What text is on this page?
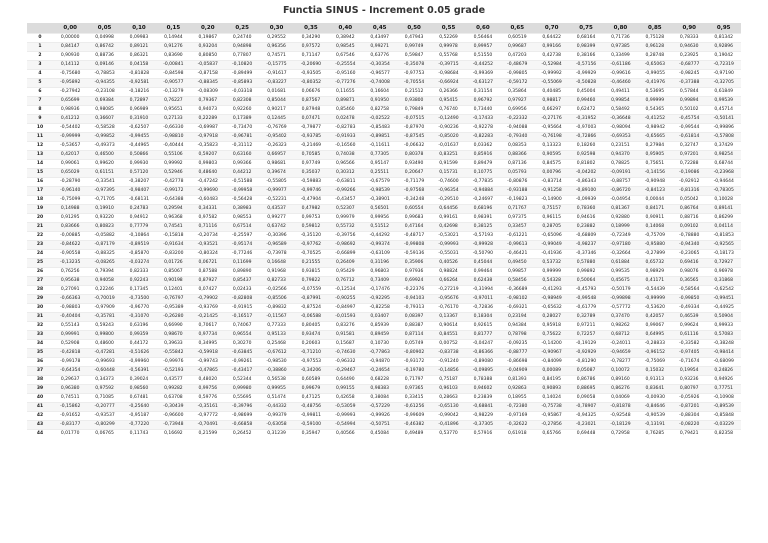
Functia SINUS - Increment 0.05 grade
	0,00	0,05	0,10	0,15	0,20	0,25	0,30	0,35	0,40	0,45	0,50	0,55	0,60	0,65	0,70	0,75	0,80	0,85	0,90	0,95
0	0,00000	0,04998	0,09983	0,14944	0,19867	0,24740	0,29552	0,34290	0,38942	0,43497	0,47943	0,52269	0,56464	0,60519	0,64422	0,68164	0,71736	0,75128	0,78333	0,81342
1	0,84147	0,86742	0,89121	0,91276	0,93204	0,94898	0,96356	0,97572	0,98545	0,99271	0,99749	0,99978	0,99957	0,99687	0,99166	0,98399	0,97385	0,96128	0,94630	0,92896
2	0,90930	0,88736	0,86321	0,83690	0,80850	0,77807	0,74571	0,71147	0,67546	0,63776	0,59847	0,55768	0,51550	0,47203	0,42738	0,38166	0,33499	0,28748	0,23925	0,19042
3	0,14112	0,09146	0,04158	-0,00841	-0,05837	-0,10820	-0,15775	-0,20690	-0,25554	-0,30354	-0,35078	-0,39715	-0,44252	-0,48679	-0,52984	-0,57156	-0,61186	-0,65063	-0,68777	-0,72319
4	-0,75680	-0,78853	-0,81828	-0,84598	-0,87158	-0,89499	-0,91617	-0,93505	-0,95160	-0,96577	-0,97753	-0,98684	-0,99369	-0,99805	-0,99992	-0,99929	-0,99616	-0,99055	-0,98245	-0,97190
5	-0,95892	-0,94355	-0,92581	-0,90577	-0,88345	-0,85893	-0,83227	-0,80352	-0,77276	-0,74008	-0,70554	-0,66924	-0,63127	-0,59172	-0,55069	-0,50828	-0,46460	-0,41976	-0,37388	-0,32705
6	-0,27942	-0,23108	-0,18216	-0,13279	-0,08309	-0,03318	0,01681	0,06676	0,11655	0,16604	0,21512	0,26366	0,31154	0,35864	0,40485	0,45004	0,49411	0,53695	0,57844	0,61849
7	0,65699	0,69384	0,72897	0,76227	0,79367	0,82308	0,85044	0,87567	0,89871	0,91950	0,93800	0,95415	0,96792	0,97927	0,98817	0,99460	0,99854	0,99999	0,99894	0,99539
8	0,98936	0,98085	0,96989	0,95651	0,94073	0,92260	0,90217	0,87948	0,85460	0,82758	0,79849	0,76740	0,73440	0,69956	0,66297	0,62472	0,58492	0,54365	0,50102	0,45714
9	0,41212	0,36607	0,31910	0,27133	0,22289	0,17389	0,12445	0,07471	0,02478	-0,02522	-0,07515	-0,12490	-0,17433	-0,22332	-0,27176	-0,31952	-0,36648	-0,41252	-0,45754	-0,50141
10	-0,54402	-0,58528	-0,62507	-0,66330	-0,69987	-0,73470	-0,76769	-0,79877	-0,82783	-0,85483	-0,87970	-0,90236	-0,92278	-0,94088	-0,95664	-0,97003	-0,98094	-0,98942	-0,99544	-0,99896
11	-0,99999	-0,99852	-0,99455	-0,98810	-0,97918	-0,96781	-0,95402	-0,93785	-0,91933	-0,89851	-0,87545	-0,85020	-0,82283	-0,79340	-0,76198	-0,72866	-0,69353	-0,65665	-0,61814	-0,57808
12	-0,53657	-0,49373	-0,44965	-0,40444	-0,35823	-0,31112	-0,26323	-0,21469	-0,16560	-0,11611	-0,06632	-0,01637	0,03362	0,08353	0,13323	0,18260	0,23151	0,27984	0,32747	0,37429
13	0,42017	0,46500	0,50866	0,55106	0,59207	0,63160	0,66957	0,70585	0,74038	0,77305	0,80378	0,83251	0,85916	0,88366	0,90595	0,92598	0,94370	0,95905	0,97201	0,98254
14	0,99061	0,99620	0,99930	0,99992	0,99803	0,99366	0,98681	0,97749	0,96566	0,95147	0,93490	0,91599	0,89479	0,87136	0,84575	0,81802	0,78825	0,75651	0,72288	0,68744
15	0,65029	0,61151	0,57120	0,52946	0,48640	0,44212	0,39674	0,35037	0,30312	0,25511	0,20647	0,15731	0,10775	0,05793	0,00796	-0,04202	-0,09191	-0,14156	-0,19086	-0,23968
16	-0,28790	-0,33541	-0,38207	-0,42778	-0,47242	-0,51588	-0,55805	-0,59883	-0,63811	-0,67579	-0,71179	-0,74600	-0,77835	-0,80876	-0,83714	-0,86343	-0,88757	-0,90948	-0,92912	-0,94644
17	-0,96140	-0,97395	-0,98407	-0,99172	-0,99690	-0,99958	-0,99977	-0,99746	-0,99266	-0,98539	-0,97568	-0,96354	-0,94884	-0,93188	-0,91258	-0,89100	-0,86720	-0,84123	-0,81316	-0,78305
18	-0,75099	-0,71705	-0,68131	-0,64388	-0,60483	-0,56428	-0,52231	-0,47904	-0,43457	-0,38901	-0,34248	-0,29510	-0,24697	-0,19823	-0,14900	-0,09939	-0,04954	0,00044	0,05042	0,10028
19	0,14988	0,19910	0,24783	0,29594	0,34331	0,38983	0,43537	0,47982	0,52307	0,56501	0,60554	0,64456	0,68196	0,71767	0,75157	0,78360	0,81367	0,84171	0,86764	0,89141
20	0,91295	0,93220	0,94912	0,96368	0,97582	0,98553	0,99277	0,99753	0,99979	0,99956	0,99683	0,99161	0,98391	0,97375	0,96115	0,94616	0,92880	0,90911	0,88716	0,86299
21	0,83666	0,80823	0,77779	0,74541	0,71116	0,67514	0,63742	0,59812	0,55732	0,51512	0,47164	0,42698	0,38125	0,33457	0,28705	0,23882	0,18999	0,14068	0,09102	0,04114
22	-0,00885	-0,05882	-0,10864	-0,15818	-0,20734	-0,25597	-0,30396	-0,35120	-0,39756	-0,44292	-0,48717	-0,53021	-0,57193	-0,61221	-0,65096	-0,68809	-0,72349	-0,75709	-0,78880	-0,81853
23	-0,84622	-0,87179	-0,89519	-0,91634	-0,93521	-0,95174	-0,96589	-0,97762	-0,98692	-0,99374	-0,99808	-0,99993	-0,99928	-0,99613	-0,99049	-0,98237	-0,97180	-0,95880	-0,94340	-0,92565
24	-0,90558	-0,88325	-0,85870	-0,83200	-0,80324	-0,77246	-0,73978	-0,70525	-0,66899	-0,63109	-0,59136	-0,55031	-0,50790	-0,46421	-0,41936	-0,37346	-0,32664	-0,27899	-0,23065	-0,18173
25	-0,13235	-0,08265	-0,03274	0,01726	0,06721	0,11699	0,16648	0,21555	0,26409	0,31196	0,35906	0,40526	0,45044	0,49450	0,53732	0,57880	0,61884	0,65732	0,69416	0,72927
26	0,76256	0,79394	0,82333	0,85067	0,87588	0,89890	0,91968	0,93815	0,95429	0,96803	0,97936	0,98824	0,99464	0,99857	0,99999	0,99892	0,99535	0,98929	0,98076	0,96978
27	0,95638	0,94058	0,92243	0,90198	0,87927	0,85437	0,82733	0,79822	0,76712	0,73409	0,69924	0,66264	0,62438	0,58456	0,54328	0,50064	0,45675	0,41171	0,36565	0,31868
28	0,27091	0,22246	0,17345	0,12401	0,07427	0,02433	-0,02566	-0,07559	-0,12534	-0,17476	-0,22376	-0,27219	-0,31994	-0,36689	-0,41293	-0,45793	-0,50179	-0,54439	-0,58564	-0,62542
29	-0,66363	-0,70019	-0,73500	-0,76797	-0,79902	-0,82808	-0,85506	-0,87991	-0,90255	-0,92295	-0,94103	-0,95676	-0,97011	-0,98102	-0,98949	-0,99548	-0,99898	-0,99999	-0,99850	-0,99451
30	-0,98803	-0,97909	-0,96770	-0,95389	-0,93769	-0,91915	-0,89832	-0,87524	-0,84997	-0,82258	-0,79313	-0,76170	-0,72836	-0,69321	-0,65632	-0,61779	-0,57772	-0,53620	-0,49334	-0,44925
31	-0,40404	-0,35781	-0,31070	-0,26280	-0,21425	-0,16517	-0,11567	-0,06588	-0,01593	0,03407	0,08397	0,13367	0,18304	0,23194	0,28027	0,32789	0,37470	0,42057	0,46539	0,50904
32	0,55143	0,59243	0,63196	0,66990	0,70617	0,74067	0,77333	0,80405	0,83276	0,85939	0,88387	0,90614	0,92615	0,94384	0,95918	0,97211	0,98262	0,99067	0,99624	0,99933
33	0,99991	0,99800	0,99359	0,98670	0,97734	0,96554	0,95133	0,93474	0,91581	0,89459	0,87114	0,84551	0,81777	0,78798	0,75622	0,72257	0,68712	0,64995	0,61116	0,57083
34	0,52908	0,48600	0,44172	0,39633	0,34995	0,30270	0,25468	0,20603	0,15687	0,10730	0,05749	0,00752	-0,04247	-0,09235	-0,14200	-0,19129	-0,24011	-0,28833	-0,33582	-0,38248
35	-0,42818	-0,47281	-0,51626	-0,55842	-0,59918	-0,63845	-0,67612	-0,71210	-0,74630	-0,77863	-0,80902	-0,83738	-0,86366	-0,88777	-0,90967	-0,92929	-0,94659	-0,96152	-0,97405	-0,98414
36	-0,99178	-0,99693	-0,99960	-0,99976	-0,99743	-0,99261	-0,98530	-0,97553	-0,96332	-0,94870	-0,93172	-0,91240	-0,89080	-0,86698	-0,84099	-0,81290	-0,78277	-0,75069	-0,71674	-0,68099
37	-0,64354	-0,60448	-0,56391	-0,52193	-0,47865	-0,43417	-0,38860	-0,34206	-0,29467	-0,24654	-0,19780	-0,14856	-0,09895	-0,04909	0,00089	0,05087	0,10072	0,15032	0,19954	0,24826
38	0,29637	0,34373	0,39024	0,43577	0,48020	0,52344	0,56538	0,60589	0,64490	0,68228	0,71797	0,75187	0,78388	0,81393	0,84195	0,86786	0,89160	0,91313	0,93236	0,94926
39	0,96380	0,97592	0,98560	0,99282	0,99756	0,99980	0,99955	0,99679	0,99155	0,98383	0,97365	0,96103	0,94602	0,92863	0,90893	0,88695	0,86276	0,83641	0,80797	0,77751
40	0,74511	0,71085	0,67481	0,63708	0,59776	0,55695	0,51474	0,47125	0,42658	0,38084	0,33415	0,28663	0,23839	0,18955	0,14024	0,09058	0,04069	-0,00930	-0,05926	-0,10908
41	-0,15862	-0,20777	-0,25640	-0,30439	-0,35161	-0,39796	-0,44332	-0,48756	-0,53059	-0,57229	-0,61256	-0,65130	-0,68841	-0,72380	-0,75738	-0,78907	-0,81878	-0,84646	-0,87201	-0,89539
42	-0,91652	-0,93537	-0,95187	-0,96600	-0,97772	-0,98699	-0,99379	-0,99811	-0,99993	-0,99926	-0,99609	-0,99042	-0,98229	-0,97169	-0,95867	-0,94325	-0,92548	-0,90539	-0,88304	-0,85848
43	-0,83177	-0,80299	-0,77220	-0,73948	-0,70491	-0,66858	-0,63058	-0,59100	-0,54994	-0,50751	-0,46382	-0,41896	-0,37305	-0,32622	-0,27856	-0,23021	-0,18129	-0,13191	-0,08220	-0,03229
44	0,01770	0,06765	0,11743	0,16692	0,21599	0,26452	0,31239	0,35947	0,40566	0,45084	0,49489	0,53770	0,57916	0,61918	0,65766	0,69448	0,72958	0,76285	0,79421	0,82358
